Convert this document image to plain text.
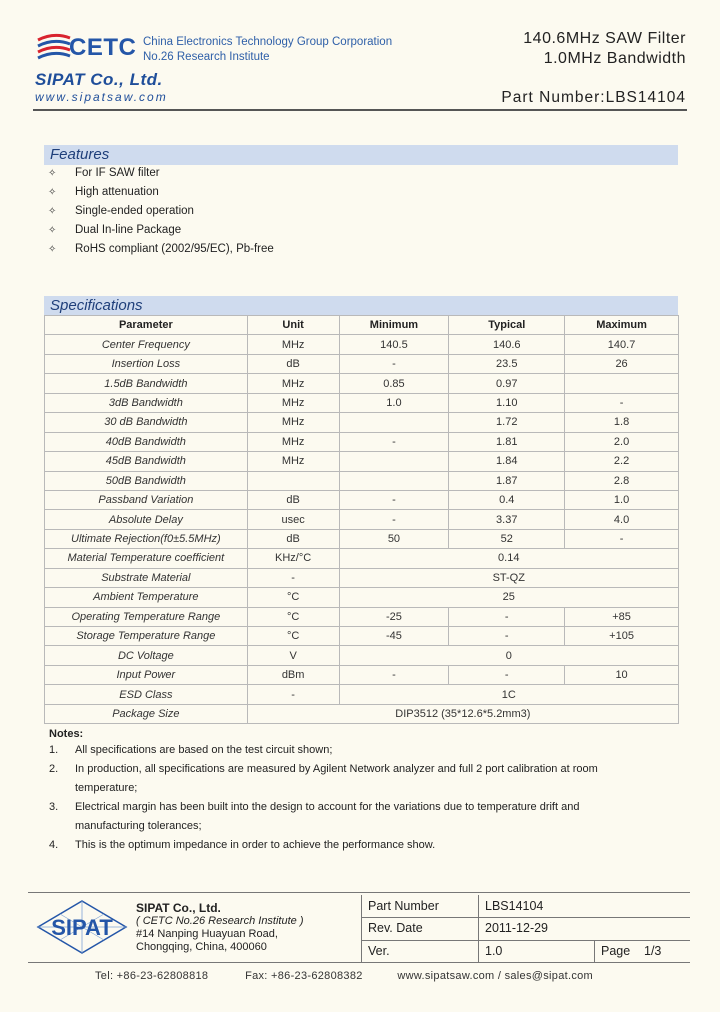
CETC China Electronics Technology Group Corporation
No.26 Research Institute
140.6MHz SAW Filter
1.0MHz Bandwidth
SIPAT Co., Ltd.
www.sipatsaw.com	Part Number:LBS14104
Features
✧ For IF SAW filter
✧ High attenuation
✧ Single-ended operation
✧ Dual In-line Package
✧ RoHS compliant (2002/95/EC), Pb-free
Specifications
Parameter	Unit	Minimum	Typical	Maximum
Center Frequency	MHz	140.5	140.6	140.7
Insertion Loss	dB	-	23.5	26
1.5dB Bandwidth	MHz	0.85	0.97	
3dB Bandwidth	MHz	1.0	1.10	-
30 dB Bandwidth	MHz		1.72	1.8
40dB Bandwidth	MHz	-	1.81	2.0
45dB Bandwidth	MHz		1.84	2.2
50dB Bandwidth			1.87	2.8
Passband Variation	dB	-	0.4	1.0
Absolute Delay	usec	-	3.37	4.0
Ultimate Rejection(f0±5.5MHz)	dB	50	52	-
Material Temperature coefficient	KHz/°C	0.14		
Substrate Material	-	ST-QZ		
Ambient Temperature	°C	25		
Operating Temperature Range	°C	-25	-	+85
Storage Temperature Range	°C	-45	-	+105
DC Voltage	V	0		
Input Power	dBm	-	-	10
ESD Class	-	1C		
Package Size	DIP3512 (35*12.6*5.2mm3)			
Notes:
1. All specifications are based on the test circuit shown;
2. In production, all specifications are measured by Agilent Network analyzer and full 2 port calibration at room
temperature;
3. Electrical margin has been built into the design to account for the variations due to temperature drift and
manufacturing tolerances;
4. This is the optimum impedance in order to achieve the performance show.
SIPAT
SIPAT Co., Ltd.
( CETC No.26 Research Institute )
#14 Nanping Huayuan Road,
Chongqing, China, 400060
Part Number	LBS14104
Rev. Date	2011-12-29
Ver.	1.0	Page 1/3
Tel: +86-23-62808818	Fax: +86-23-62808382	www.sipatsaw.com / sales@sipat.com
